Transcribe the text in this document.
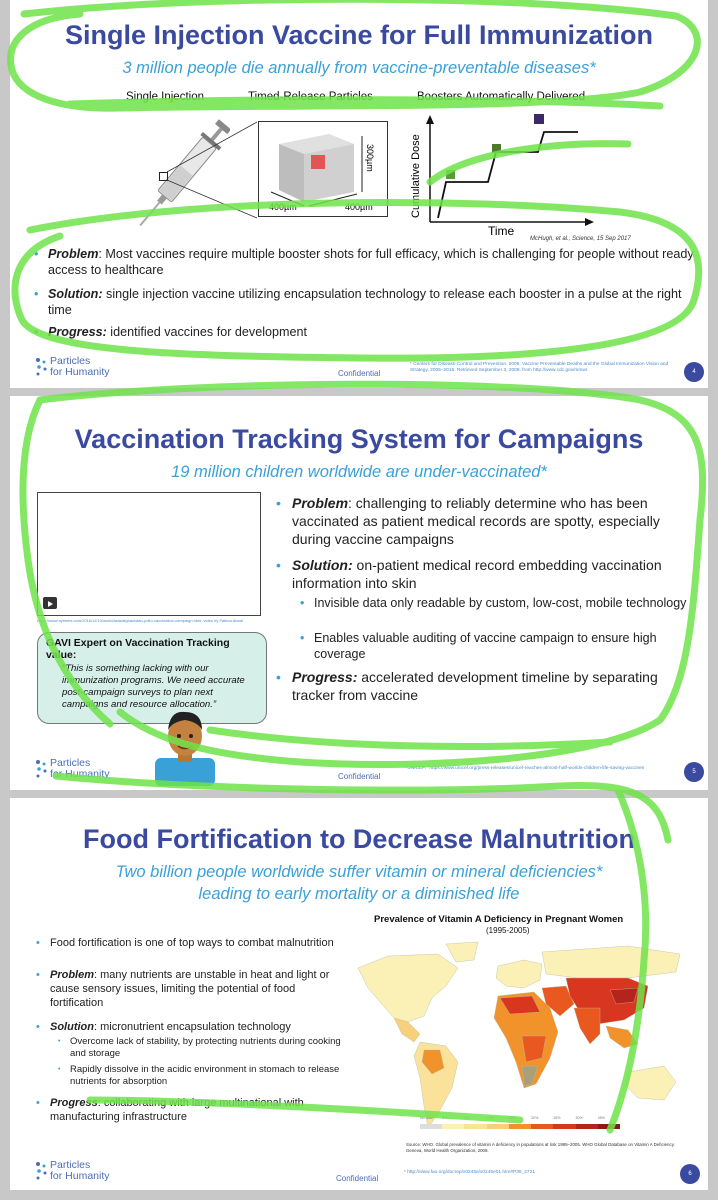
Single Injection Vaccine for Full Immunization
3 million people die annually from vaccine-preventable diseases*
Single Injection	Timed-Release Particles	Boosters Automatically Delivered
300µm
400µm	400µm	Cumulative Dose
Time
McHugh, et al., Science, 15 Sep 2017
• Problem: Most vaccines require multiple booster shots for full efficacy, which is challenging for people without ready access to healthcare
• Solution: single injection vaccine utilizing encapsulation technology to release each booster in a pulse at the right time
• Progress: identified vaccines for development
Particles
for Humanity	Confidential
* Centers for Disease Control and Prevention. 2006. Vaccine Preventable Deaths and the Global Immunization Vision and Strategy, 2006–2015. Retrieved September 3, 2008, from http://www.cdc.gov/mmwr.	4
Vaccination Tracking System for Campaigns
19 million children worldwide are under-vaccinated*
https://www.nytimes.com/2016/11/10/world/asia/afghanistan-polio-vaccination-campaign.html, video by Fatima Abadi
GAVI Expert on Vaccination Tracking value:
“This is something lacking with our immunization programs. We need accurate post-campaign surveys to plan next campaigns and resource allocation.”
• Problem: challenging to reliably determine who has been vaccinated as patient medical records are spotty, especially during vaccine campaigns
• Solution: on-patient medical record embedding vaccination information into skin
• Invisible data only readable by custom, low-cost, mobile technology
• Enables valuable auditing of vaccine campaign to ensure high coverage
• Progress: accelerated development timeline by separating tracker from vaccine
Particles
for Humanity	Confidential
* UNICEF: “https://www.unicef.org/press-releases/unicef-reaches-almost-half-worlds-children-life-saving-vaccines
5
Food Fortification to Decrease Malnutrition
Two billion people worldwide suffer vitamin or mineral deficiencies*
leading to early mortality or a diminished life
Prevalence of Vitamin A Deficiency in Pregnant Women
(1995-2005)
No data	0%	5%	10%	15%	20%	25%	30%	35%
Source: WHO. Global prevalence of vitamin A deficiency in populations at risk 1995–2005. WHO Global Database on Vitamin A Deficiency. Geneva, World Health Organization, 2009.
• Food fortification is one of top ways to combat malnutrition
• Problem: many nutrients are unstable in heat and light or cause sensory issues, limiting the potential of food fortification
• Solution: micronutrient encapsulation technology
•	Overcome lack of stability, by protecting nutrients during cooking and storage
•	Rapidly dissolve in the acidic environment in stomach to release nutrients for absorption
• Progress: collaborating with large multinational with manufacturing infrastructure
Particles
for Humanity	Confidential
* http://www.fao.org/docrep/x0245e/x0245e01.htm#P36_2721	6
